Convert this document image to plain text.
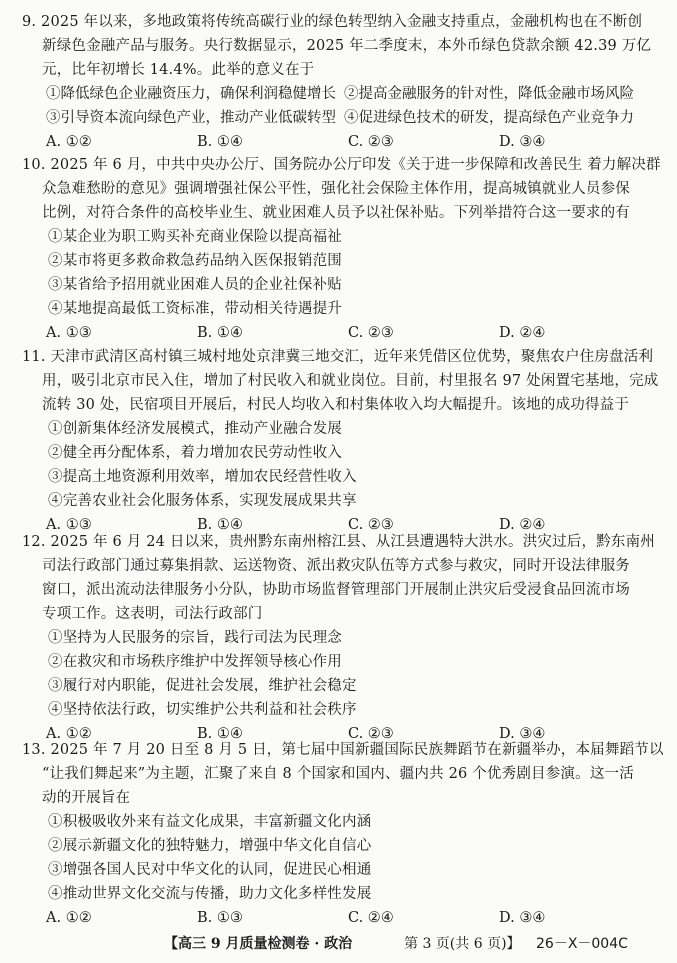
9. 2025 年以来，多地政策将传统高碳行业的绿色转型纳入金融支持重点，金融机构也在不断创
新绿色金融产品与服务。央行数据显示，2025 年二季度末，本外币绿色贷款余额 42.39 万亿
元，比年初增长 14.4%。此举的意义在于
①降低绿色企业融资压力，确保利润稳健增长 ②提高金融服务的针对性，降低金融市场风险
③引导资本流向绿色产业，推动产业低碳转型 ④促进绿色技术的研发，提高绿色产业竞争力
A. ①②	B. ①④	C. ②③	D. ③④
10. 2025 年 6 月，中共中央办公厅、国务院办公厅印发《关于进一步保障和改善民生 着力解决群
众急难愁盼的意见》强调增强社保公平性，强化社会保险主体作用，提高城镇就业人员参保
比例，对符合条件的高校毕业生、就业困难人员予以社保补贴。下列举措符合这一要求的有
①某企业为职工购买补充商业保险以提高福祉
②某市将更多救命救急药品纳入医保报销范围
③某省给予招用就业困难人员的企业社保补贴
④某地提高最低工资标准，带动相关待遇提升
A. ①③	B. ①④	C. ②③	D. ②④
11. 天津市武清区高村镇三城村地处京津冀三地交汇，近年来凭借区位优势，聚焦农户住房盘活利
用，吸引北京市民入住，增加了村民收入和就业岗位。目前，村里报名 97 处闲置宅基地，完成
流转 30 处，民宿项目开展后，村民人均收入和村集体收入均大幅提升。该地的成功得益于
①创新集体经济发展模式，推动产业融合发展
②健全再分配体系，着力增加农民劳动性收入
③提高土地资源利用效率，增加农民经营性收入
④完善农业社会化服务体系，实现发展成果共享
A. ①③	B. ①④	C. ②③	D. ②④
12. 2025 年 6 月 24 日以来，贵州黔东南州榕江县、从江县遭遇特大洪水。洪灾过后，黔东南州
司法行政部门通过募集捐款、运送物资、派出救灾队伍等方式参与救灾，同时开设法律服务
窗口，派出流动法律服务小分队，协助市场监督管理部门开展制止洪灾后受浸食品回流市场
专项工作。这表明，司法行政部门
①坚持为人民服务的宗旨，践行司法为民理念
②在救灾和市场秩序维护中发挥领导核心作用
③履行对内职能，促进社会发展，维护社会稳定
④坚持依法行政，切实维护公共利益和社会秩序
A. ①②	B. ①④	C. ②③	D. ③④
13. 2025 年 7 月 20 日至 8 月 5 日，第七届中国新疆国际民族舞蹈节在新疆举办，本届舞蹈节以
“让我们舞起来”为主题，汇聚了来自 8 个国家和国内、疆内共 26 个优秀剧目参演。这一活
动的开展旨在
①积极吸收外来有益文化成果，丰富新疆文化内涵
②展示新疆文化的独特魅力，增强中华文化自信心
③增强各国人民对中华文化的认同，促进民心相通
④推动世界文化交流与传播，助力文化多样性发展
A. ①②	B. ①③	C. ②④	D. ③④
【高三 9 月质量检测卷 · 政治	第 3 页(共 6 页)】 26－X－004C
